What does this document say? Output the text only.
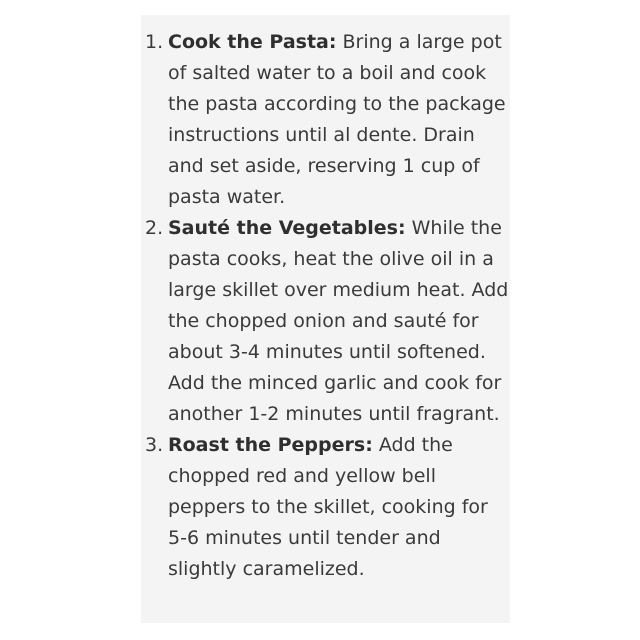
1. Cook the Pasta: Bring a large pot of salted water to a boil and cook the pasta according to the package instructions until al dente. Drain and set aside, reserving 1 cup of pasta water.
2. Sauté the Vegetables: While the pasta cooks, heat the olive oil in a large skillet over medium heat. Add the chopped onion and sauté for about 3-4 minutes until softened. Add the minced garlic and cook for another 1-2 minutes until fragrant.
3. Roast the Peppers: Add the chopped red and yellow bell peppers to the skillet, cooking for 5-6 minutes until tender and slightly caramelized.
